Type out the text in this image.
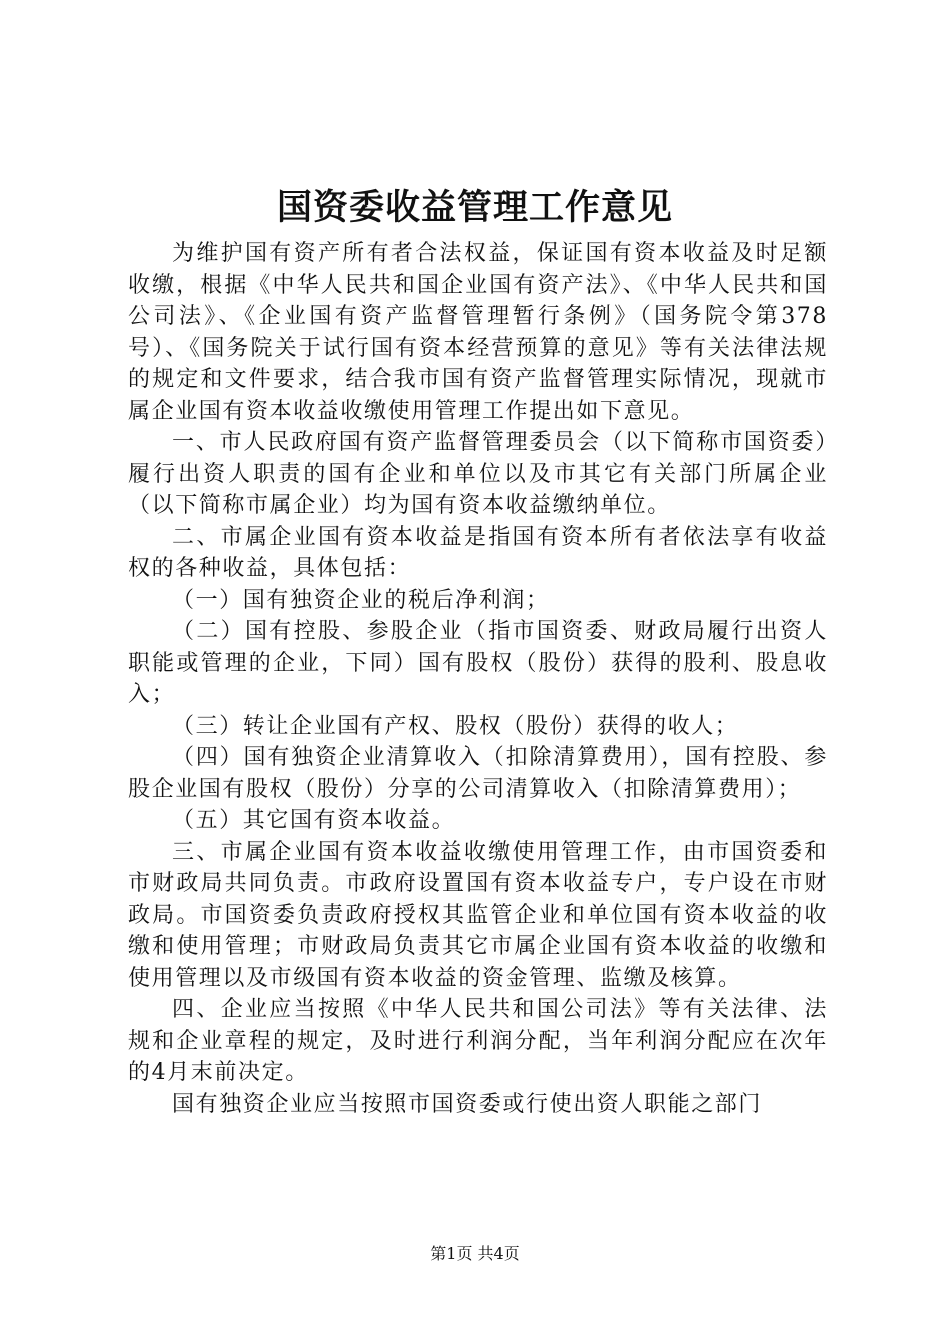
国资委收益管理工作意见

为维护国有资产所有者合法权益，保证国有资本收益及时足额收缴，根据《中华人民共和国企业国有资产法》、《中华人民共和国公司法》、《企业国有资产监督管理暂行条例》（国务院令第378号）、《国务院关于试行国有资本经营预算的意见》等有关法律法规的规定和文件要求，结合我市国有资产监督管理实际情况，现就市属企业国有资本收益收缴使用管理工作提出如下意见。

一、市人民政府国有资产监督管理委员会（以下简称市国资委）履行出资人职责的国有企业和单位以及市其它有关部门所属企业（以下简称市属企业）均为国有资本收益缴纳单位。

二、市属企业国有资本收益是指国有资本所有者依法享有收益权的各种收益，具体包括：

（一）国有独资企业的税后净利润；

（二）国有控股、参股企业（指市国资委、财政局履行出资人职能或管理的企业，下同）国有股权（股份）获得的股利、股息收入；

（三）转让企业国有产权、股权（股份）获得的收人；

（四）国有独资企业清算收入（扣除清算费用），国有控股、参股企业国有股权（股份）分享的公司清算收入（扣除清算费用）；

（五）其它国有资本收益。

三、市属企业国有资本收益收缴使用管理工作，由市国资委和市财政局共同负责。市政府设置国有资本收益专户，专户设在市财政局。市国资委负责政府授权其监管企业和单位国有资本收益的收缴和使用管理；市财政局负责其它市属企业国有资本收益的收缴和使用管理以及市级国有资本收益的资金管理、监缴及核算。

四、企业应当按照《中华人民共和国公司法》等有关法律、法规和企业章程的规定，及时进行利润分配，当年利润分配应在次年的4月末前决定。

国有独资企业应当按照市国资委或行使出资人职能之部门

第1页 共4页
